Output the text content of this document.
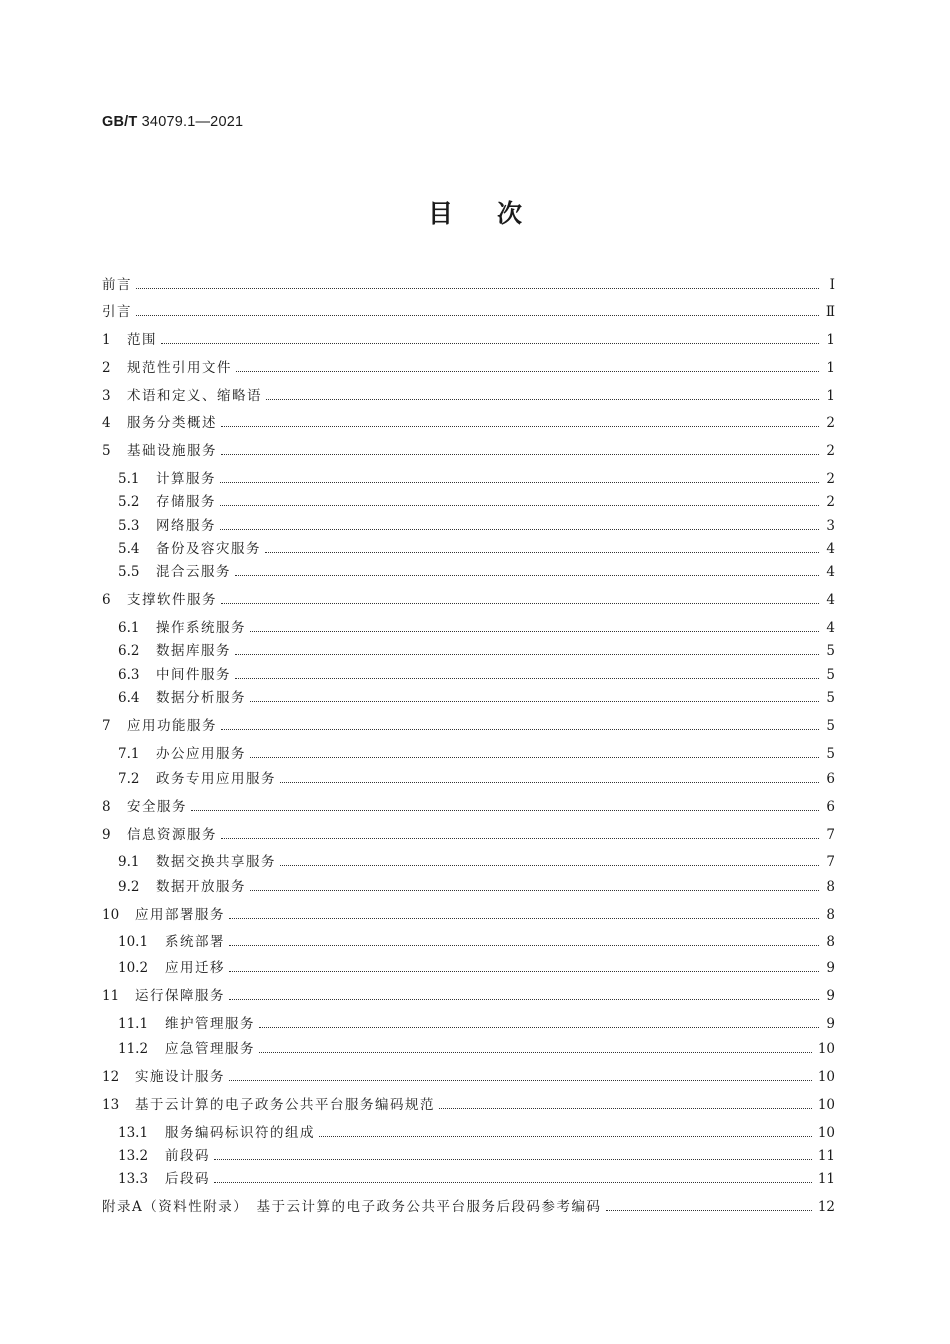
GB/T 34079.1—2021
目次
前言	Ⅰ
引言	Ⅱ
1	范围	1
2	规范性引用文件	1
3	术语和定义、缩略语	1
4	服务分类概述	2
5	基础设施服务	2
5.1	计算服务	2
5.2	存储服务	2
5.3	网络服务	3
5.4	备份及容灾服务	4
5.5	混合云服务	4
6	支撑软件服务	4
6.1	操作系统服务	4
6.2	数据库服务	5
6.3	中间件服务	5
6.4	数据分析服务	5
7	应用功能服务	5
7.1	办公应用服务	5
7.2	政务专用应用服务	6
8	安全服务	6
9	信息资源服务	7
9.1	数据交换共享服务	7
9.2	数据开放服务	8
10	应用部署服务	8
10.1	系统部署	8
10.2	应用迁移	9
11	运行保障服务	9
11.1	维护管理服务	9
11.2	应急管理服务	10
12	实施设计服务	10
13	基于云计算的电子政务公共平台服务编码规范	10
13.1	服务编码标识符的组成	10
13.2	前段码	11
13.3	后段码	11
附录A（资料性附录）　基于云计算的电子政务公共平台服务后段码参考编码	12
